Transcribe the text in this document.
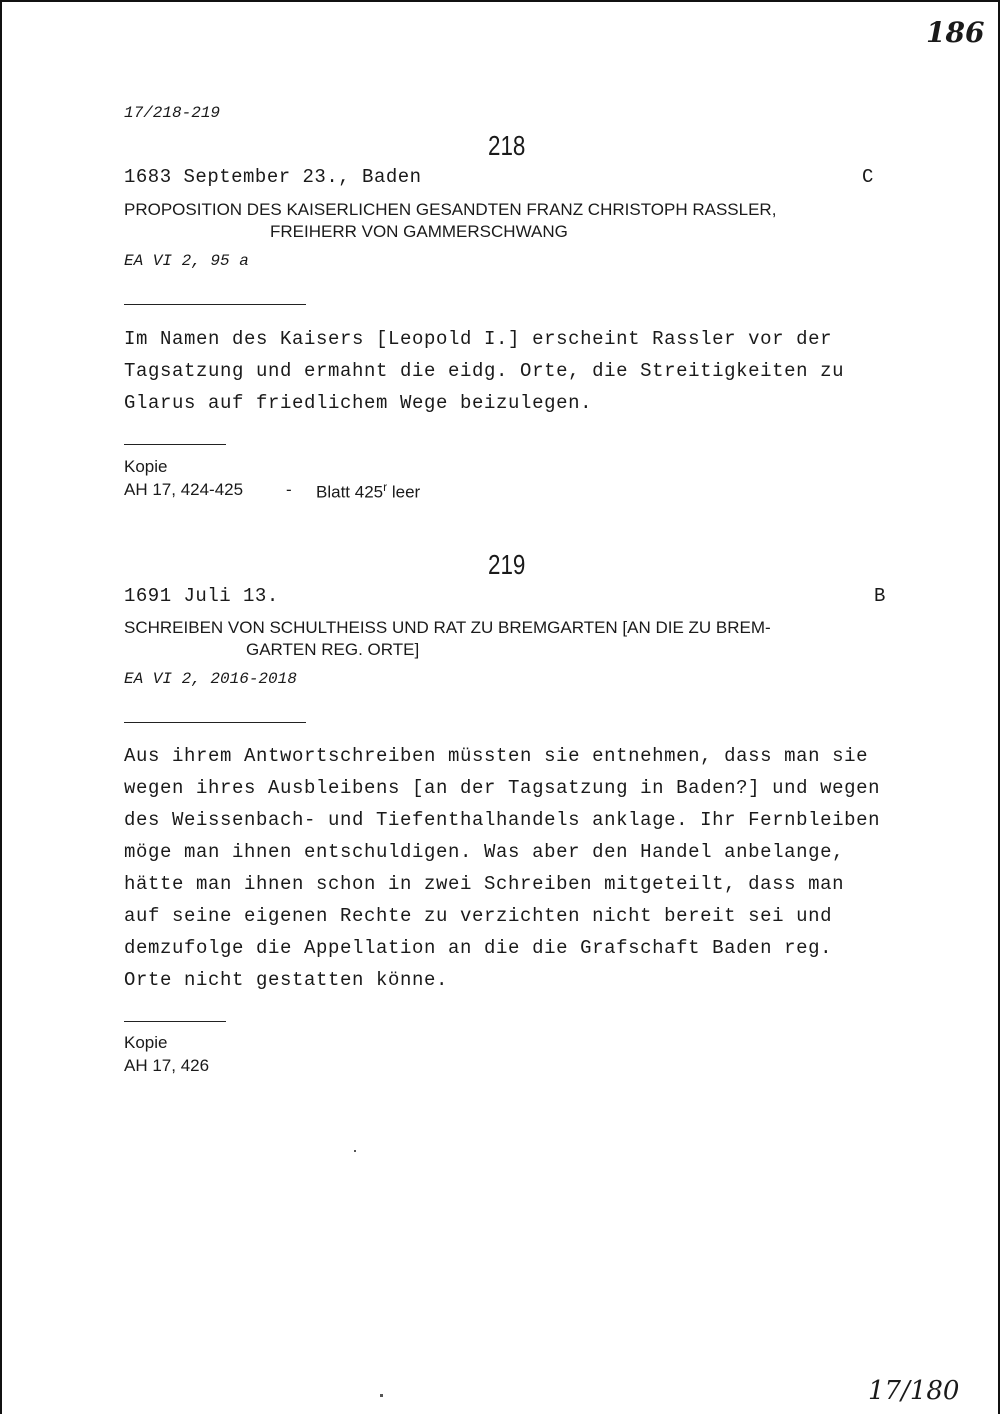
186
17/218-219
218
1683 September 23., Baden	C
PROPOSITION DES KAISERLICHEN GESANDTEN FRANZ CHRISTOPH RASSLER,
FREIHERR VON GAMMERSCHWANG
EA VI 2, 95 a
Im Namen des Kaisers [Leopold I.] erscheint Rassler vor der
Tagsatzung und ermahnt die eidg. Orte, die Streitigkeiten zu
Glarus auf friedlichem Wege beizulegen.
Kopie
AH 17, 424-425	- Blatt 425$^r$ leer
219
1691 Juli 13.	B
SCHREIBEN VON SCHULTHEISS UND RAT ZU BREMGARTEN [AN DIE ZU BREM-
GARTEN REG. ORTE]
EA VI 2, 2016-2018
Aus ihrem Antwortschreiben müssten sie entnehmen, dass man sie
wegen ihres Ausbleibens [an der Tagsatzung in Baden?] und wegen
des Weissenbach- und Tiefenthalhandels anklage. Ihr Fernbleiben
möge man ihnen entschuldigen. Was aber den Handel anbelange,
hätte man ihnen schon in zwei Schreiben mitgeteilt, dass man
auf seine eigenen Rechte zu verzichten nicht bereit sei und
demzufolge die Appellation an die die Grafschaft Baden reg.
Orte nicht gestatten könne.
Kopie
AH 17, 426
17/180
